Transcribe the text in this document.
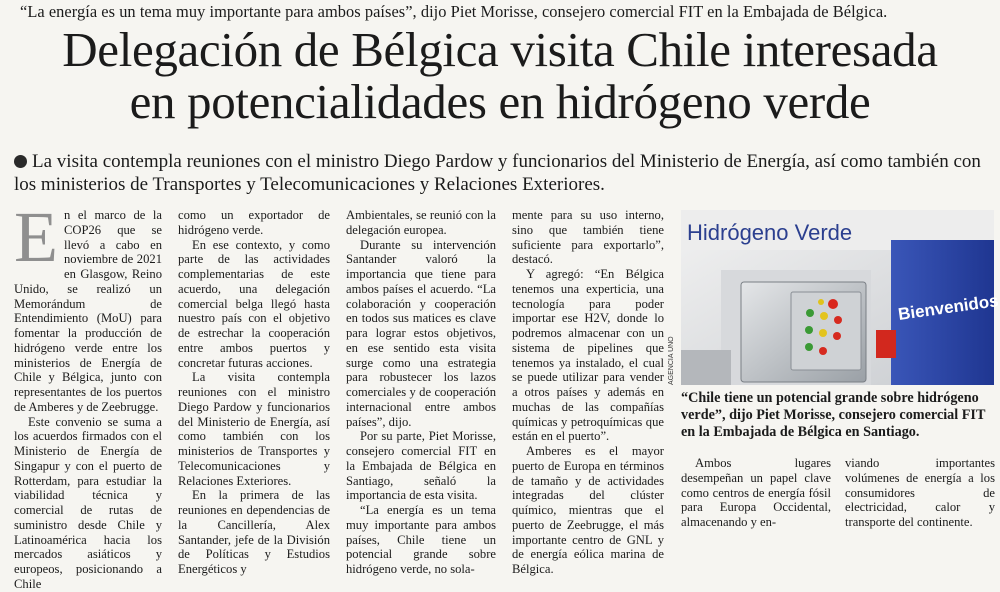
“La energía es un tema muy importante para ambos países”, dijo Piet Morisse, consejero comercial FIT en la Embajada de Bélgica.
Delegación de Bélgica visita Chile interesada
en potencialidades en hidrógeno verde
La visita contempla reuniones con el ministro Diego Pardow y funcionarios del Ministerio de Energía, así como también con los ministerios de Transportes y Telecomunicaciones y Relaciones Exteriores.
E n el marco de la COP26 que se llevó a cabo en noviembre de 2021 en Glasgow, Reino Unido, se realizó un Memorándum de Entendimiento (MoU) para fomentar la producción de hidrógeno verde entre los ministerios de Energía de Chile y Bélgica, junto con representantes de los puertos de Amberes y de Zeebrugge.

Este convenio se suma a los acuerdos firmados con el Ministerio de Energía de Singapur y con el puerto de Rotterdam, para estudiar la viabilidad técnica y comercial de rutas de suministro desde Chile y Latinoamérica hacia los mercados asiáticos y europeos, posicionando a Chile

como un exportador de hidrógeno verde.

En ese contexto, y como parte de las actividades complementarias de este acuerdo, una delegación comercial belga llegó hasta nuestro país con el objetivo de estrechar la cooperación entre ambos puertos y concretar futuras acciones.

La visita contempla reuniones con el ministro Diego Pardow y funcionarios del Ministerio de Energía, así como también con los ministerios de Transportes y Telecomunicaciones y Relaciones Exteriores.

En la primera de las reuniones en dependencias de la Cancillería, Alex Santander, jefe de la División de Políticas y Estudios Energéticos y

Ambientales, se reunió con la delegación europea.

Durante su intervención Santander valoró la importancia que tiene para ambos países el acuerdo. “La colaboración y cooperación en todos sus matices es clave para lograr estos objetivos, en ese sentido esta visita surge como una estrategia para robustecer los lazos comerciales y de cooperación internacional entre ambos países”, dijo.

Por su parte, Piet Morisse, consejero comercial FIT en la Embajada de Bélgica en Santiago, señaló la importancia de esta visita.

“La energía es un tema muy importante para ambos países, Chile tiene un potencial grande sobre hidrógeno verde, no sola-

mente para su uso interno, sino que también tiene suficiente para exportarlo”, destacó.

Y agregó: “En Bélgica tenemos una experticia, una tecnología para poder importar ese H2V, donde lo podremos almacenar con un sistema de pipelines que tenemos ya instalado, el cual se puede utilizar para vender a otros países y además en muchas de las compañías químicas y petroquímicas que están en el puerto”.

Amberes es el mayor puerto de Europa en términos de tamaño y de actividades integradas del clúster químico, mientras que el puerto de Zeebrugge, el más importante centro de GNL y de energía eólica marina de Bélgica.

Hidrógeno Verde
Bienvenidos
AGENCIA UNO
“Chile tiene un potencial grande sobre hidrógeno verde”, dijo Piet Morisse, consejero comercial FIT en la Embajada de Bélgica en Santiago.

Ambos lugares desempeñan un papel clave como centros de energía fósil para Europa Occidental, almacenando y en-

viando importantes volúmenes de energía a los consumidores de electricidad, calor y transporte del continente.
